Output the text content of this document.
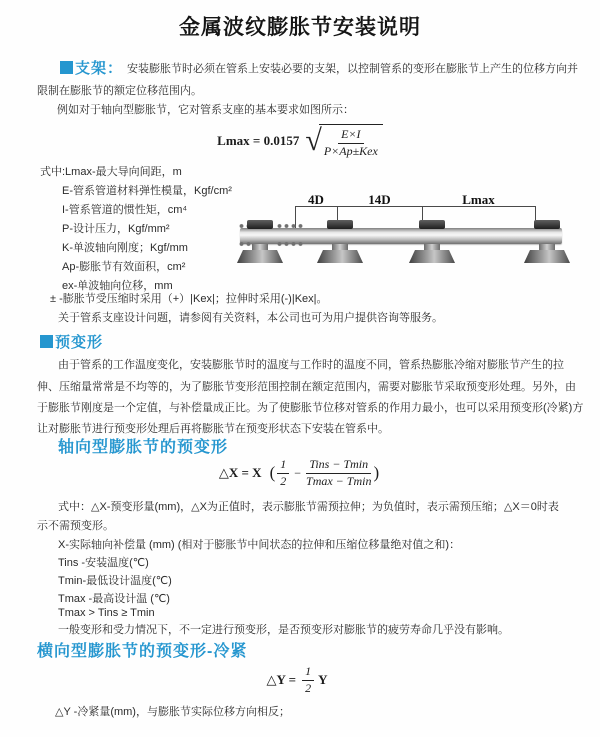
金属波纹膨胀节安装说明
支架： 安装膨胀节时必须在管系上安装必要的支架，以控制管系的变形在膨胀节上产生的位移方向并
限制在膨胀节的额定位移范围内。
例如对于轴向型膨胀节，它对管系支座的基本要求如图所示：
Lmax = 0.0157 √ $\frac{E\times I}{\text{P×Ap±Kex}}$
式中:Lmax-最大导向间距，m
E-管系管道材料弹性模量，Kgf/cm²
I-管系管道的惯性矩，cm⁴
P-设计压力，Kgf/mm²
K-单波轴向刚度；Kgf/mm
Ap-膨胀节有效面积，cm²
ex-单波轴向位移，mm
± -膨胀节受压缩时采用（+）|Kex|；拉伸时采用(-)|Kex|。
关于管系支座设计问题，请参阅有关资料，本公司也可为用户提供咨询等服务。
4D	14D	Lmax
预变形
由于管系的工作温度变化，安装膨胀节时的温度与工作时的温度不同，管系热膨胀冷缩对膨胀节产生的拉
伸、压缩量常常是不均等的，为了膨胀节变形范围控制在额定范围内，需要对膨胀节采取预变形处理。另外，由
于膨胀节刚度是一个定值，与补偿量成正比。为了使膨胀节位移对管系的作用力最小，也可以采用预变形(冷紧)方
让对膨胀节进行预变形处理后再将膨胀节在预变形状态下安装在管系中。
轴向型膨胀节的预变形
△X = X ( $\frac{1}{2} - \frac{\text{Tins − Tmin}}{Tmax - Tmin}$ )
式中：△X-预变形量(mm)，△X为正值时，表示膨胀节需预拉伸；为负值时，表示需预压缩；△X＝0时表
示不需预变形。
X-实际轴向补偿量 (mm) (相对于膨胀节中间状态的拉伸和压缩位移量绝对值之和)：
Tins -安装温度(℃)
Tmin-最低设计温度(℃)
Tmax -最高设计温 (℃)
Tmax > Tins ≥ Tmin
一般变形和受力情况下，不一定进行预变形，是否预变形对膨胀节的疲劳寿命几乎没有影响。
横向型膨胀节的预变形-冷紧
△Y = $\frac{1}{2}$ Y
△Y -冷紧量(mm)，与膨胀节实际位移方向相反；
